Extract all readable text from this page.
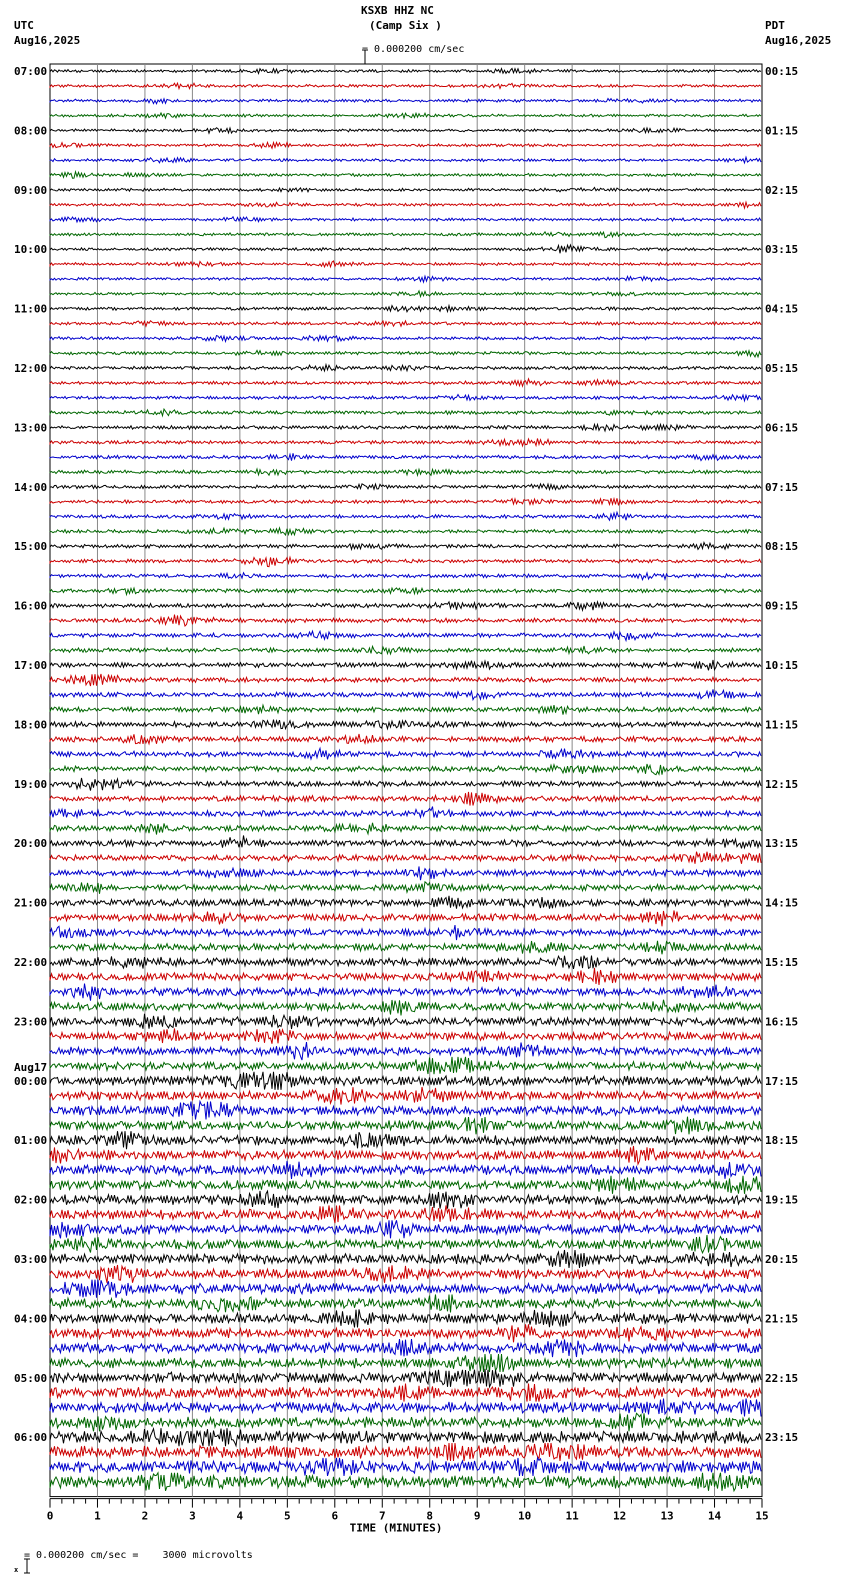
KSXB HHZ NC
(Camp Six )
UTC
Aug16,2025
PDT
Aug16,2025

= 0.000200 cm/sec
07:00	00:15
08:00	01:15
09:00	02:15
10:00	03:15
11:00	04:15
12:00	05:15
13:00	06:15
14:00	07:15
15:00	08:15
16:00	09:15
17:00	10:15
18:00	11:15
19:00	12:15
20:00	13:15
21:00	14:15
22:00	15:15
23:00	16:15
00:00	17:15
01:00	18:15
02:00	19:15
03:00	20:15
04:00	21:15
05:00	22:15
06:00	23:15
Aug17
0	1	2	3	4	5	6	7	8	9	10	11	12	13	14	15
TIME (MINUTES)

x

= 0.000200 cm/sec =    3000 microvolts
